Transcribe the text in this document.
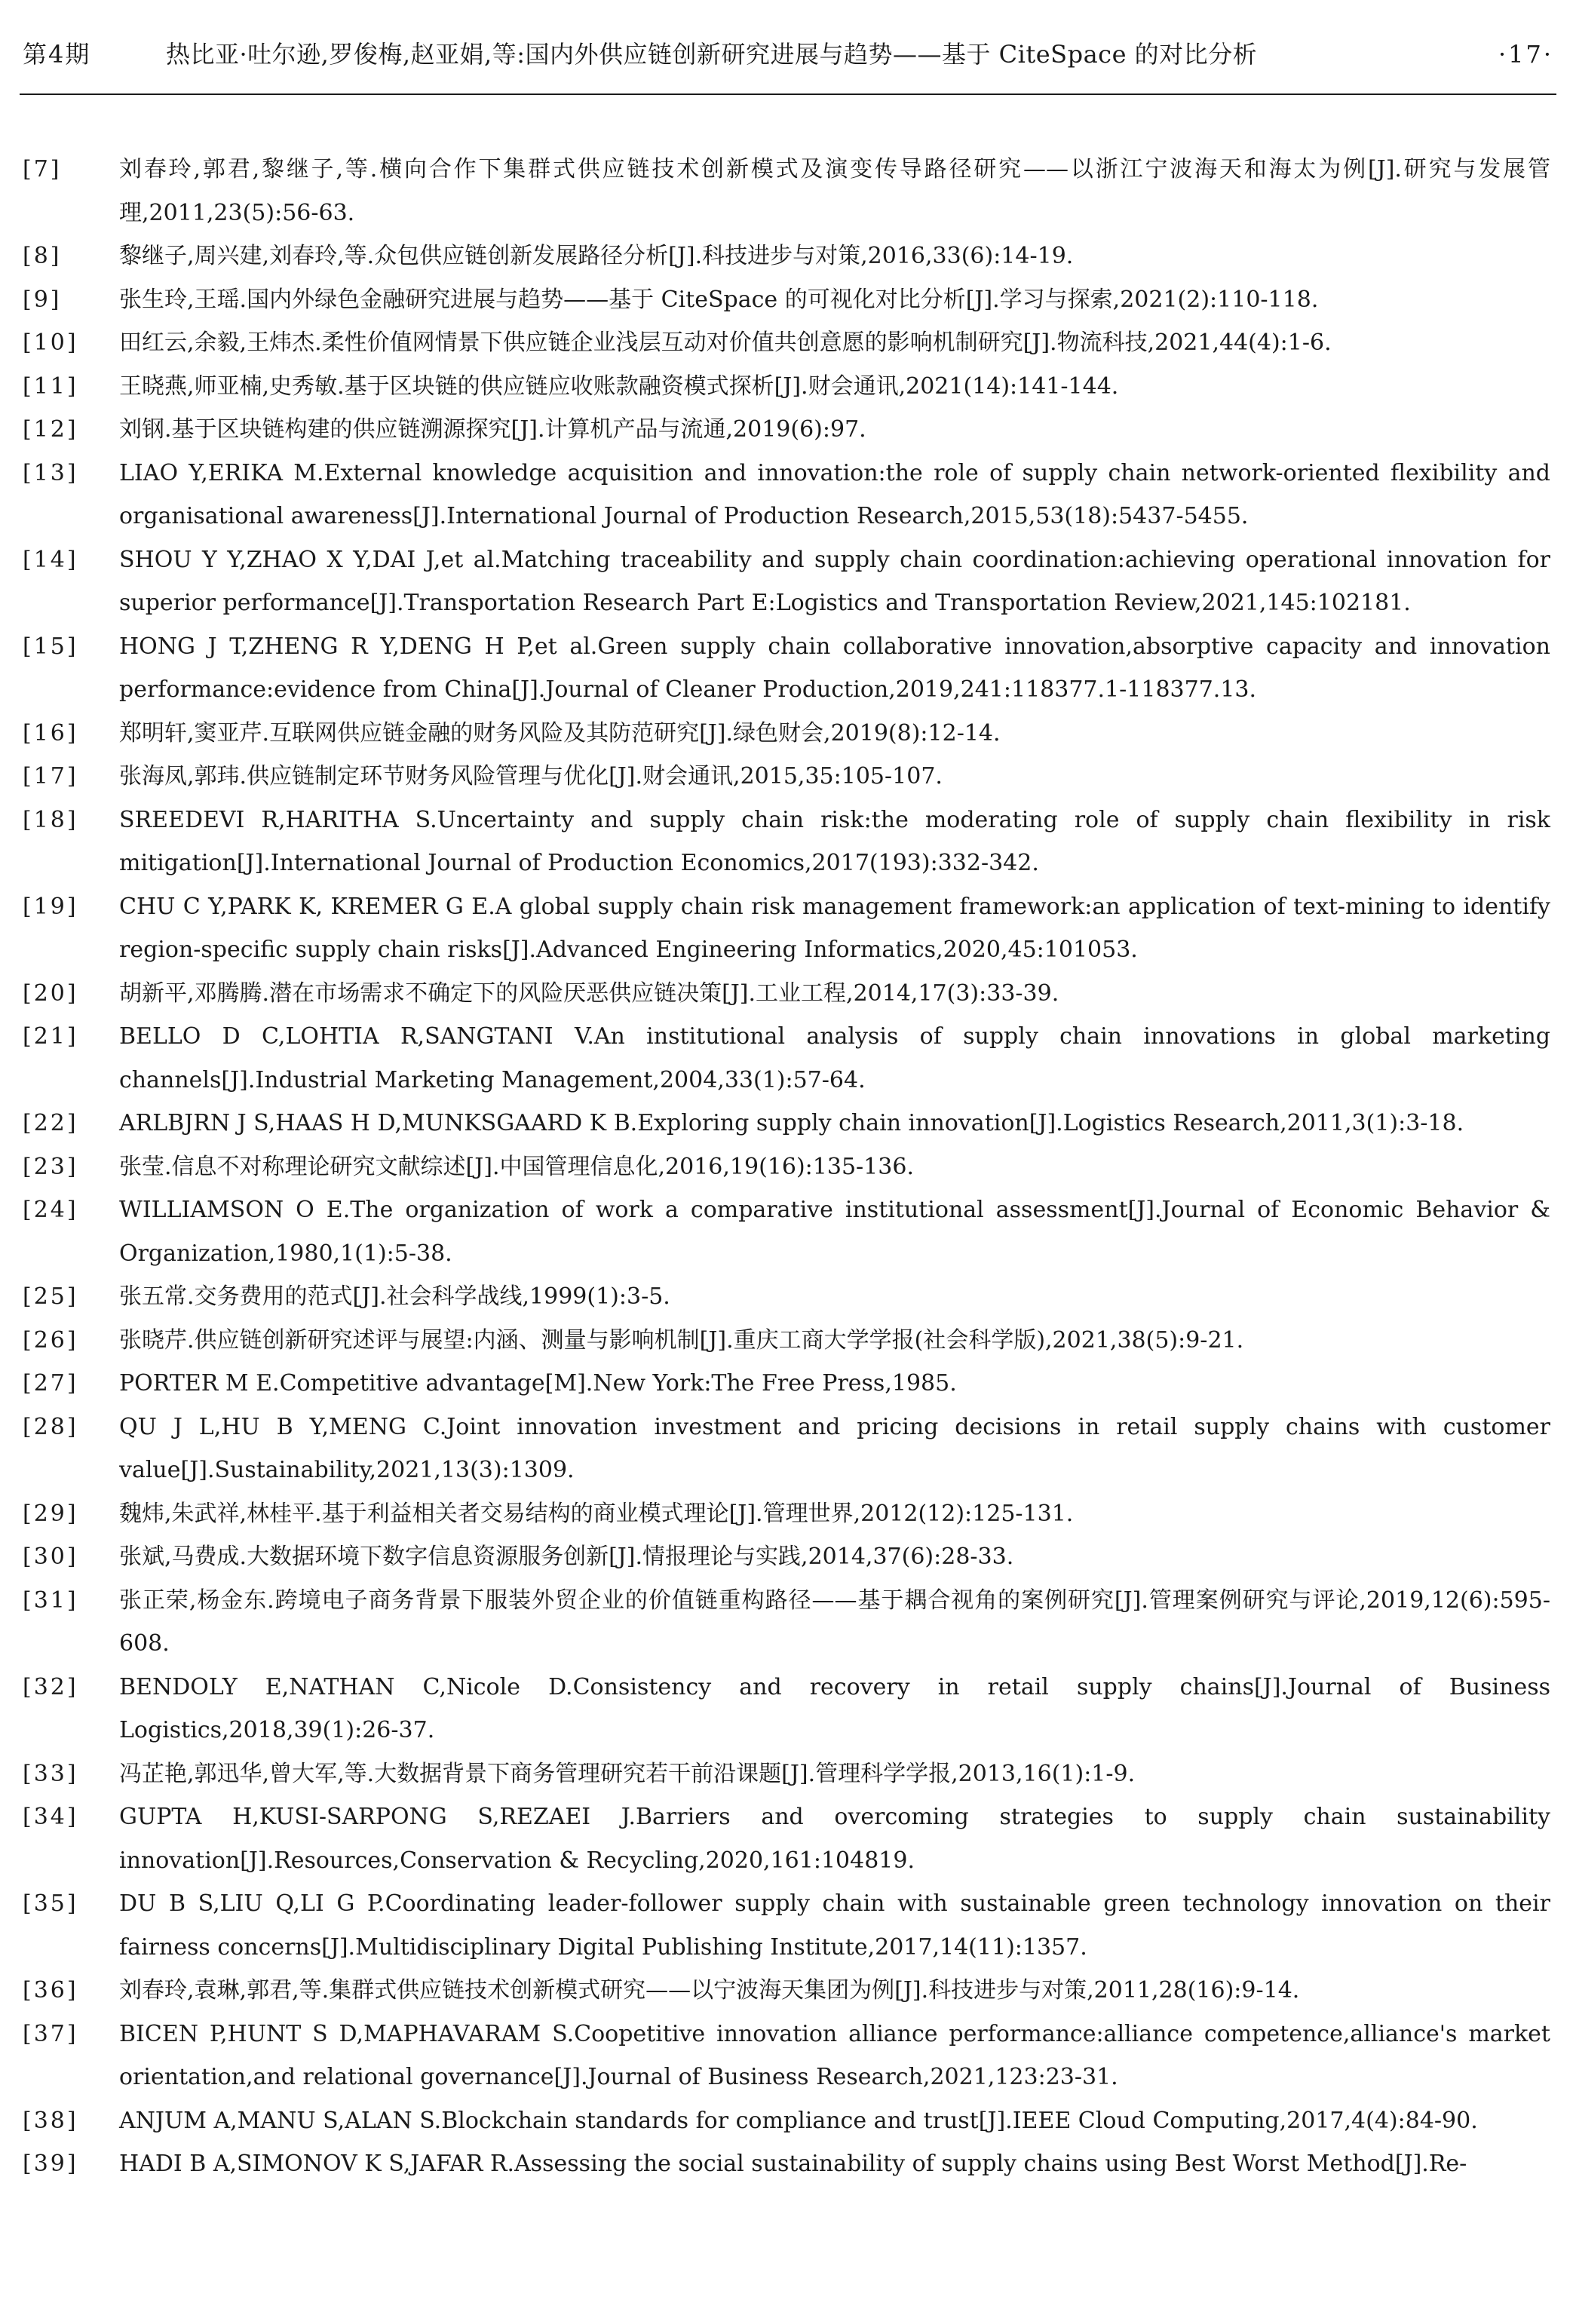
第4期	热比亚·吐尔逊,罗俊梅,赵亚娟,等:国内外供应链创新研究进展与趋势——基于 CiteSpace 的对比分析	·17·
[7]	刘春玲,郭君,黎继子,等.横向合作下集群式供应链技术创新模式及演变传导路径研究——以浙江宁波海天和海太为例[J].研究与发展管理,2011,23(5):56-63.
[8]	黎继子,周兴建,刘春玲,等.众包供应链创新发展路径分析[J].科技进步与对策,2016,33(6):14-19.
[9]	张生玲,王瑶.国内外绿色金融研究进展与趋势——基于 CiteSpace 的可视化对比分析[J].学习与探索,2021(2):110-118.
[10]	田红云,余毅,王炜杰.柔性价值网情景下供应链企业浅层互动对价值共创意愿的影响机制研究[J].物流科技,2021,44(4):1-6.
[11]	王晓燕,师亚楠,史秀敏.基于区块链的供应链应收账款融资模式探析[J].财会通讯,2021(14):141-144.
[12]	刘钢.基于区块链构建的供应链溯源探究[J].计算机产品与流通,2019(6):97.
[13]	LIAO Y,ERIKA M.External knowledge acquisition and innovation:the role of supply chain network-oriented flexibility and organisational awareness[J].International Journal of Production Research,2015,53(18):5437-5455.
[14]	SHOU Y Y,ZHAO X Y,DAI J,et al.Matching traceability and supply chain coordination:achieving operational innovation for superior performance[J].Transportation Research Part E:Logistics and Transportation Review,2021,145:102181.
[15]	HONG J T,ZHENG R Y,DENG H P,et al.Green supply chain collaborative innovation,absorptive capacity and innovation performance:evidence from China[J].Journal of Cleaner Production,2019,241:118377.1-118377.13.
[16]	郑明轩,窦亚芹.互联网供应链金融的财务风险及其防范研究[J].绿色财会,2019(8):12-14.
[17]	张海凤,郭玮.供应链制定环节财务风险管理与优化[J].财会通讯,2015,35:105-107.
[18]	SREEDEVI R,HARITHA S.Uncertainty and supply chain risk:the moderating role of supply chain flexibility in risk mitigation[J].International Journal of Production Economics,2017(193):332-342.
[19]	CHU C Y,PARK K, KREMER G E.A global supply chain risk management framework:an application of text-mining to identify region-specific supply chain risks[J].Advanced Engineering Informatics,2020,45:101053.
[20]	胡新平,邓腾腾.潜在市场需求不确定下的风险厌恶供应链决策[J].工业工程,2014,17(3):33-39.
[21]	BELLO D C,LOHTIA R,SANGTANI V.An institutional analysis of supply chain innovations in global marketing channels[J].Industrial Marketing Management,2004,33(1):57-64.
[22]	ARLBJRN J S,HAAS H D,MUNKSGAARD K B.Exploring supply chain innovation[J].Logistics Research,2011,3(1):3-18.
[23]	张莹.信息不对称理论研究文献综述[J].中国管理信息化,2016,19(16):135-136.
[24]	WILLIAMSON O E.The organization of work a comparative institutional assessment[J].Journal of Economic Behavior & Organization,1980,1(1):5-38.
[25]	张五常.交务费用的范式[J].社会科学战线,1999(1):3-5.
[26]	张晓芹.供应链创新研究述评与展望:内涵、测量与影响机制[J].重庆工商大学学报(社会科学版),2021,38(5):9-21.
[27]	PORTER M E.Competitive advantage[M].New York:The Free Press,1985.
[28]	QU J L,HU B Y,MENG C.Joint innovation investment and pricing decisions in retail supply chains with customer value[J].Sustainability,2021,13(3):1309.
[29]	魏炜,朱武祥,林桂平.基于利益相关者交易结构的商业模式理论[J].管理世界,2012(12):125-131.
[30]	张斌,马费成.大数据环境下数字信息资源服务创新[J].情报理论与实践,2014,37(6):28-33.
[31]	张正荣,杨金东.跨境电子商务背景下服装外贸企业的价值链重构路径——基于耦合视角的案例研究[J].管理案例研究与评论,2019,12(6):595-608.
[32]	BENDOLY E,NATHAN C,Nicole D.Consistency and recovery in retail supply chains[J].Journal of Business Logistics,2018,39(1):26-37.
[33]	冯芷艳,郭迅华,曾大军,等.大数据背景下商务管理研究若干前沿课题[J].管理科学学报,2013,16(1):1-9.
[34]	GUPTA H,KUSI-SARPONG S,REZAEI J.Barriers and overcoming strategies to supply chain sustainability innovation[J].Resources,Conservation & Recycling,2020,161:104819.
[35]	DU B S,LIU Q,LI G P.Coordinating leader-follower supply chain with sustainable green technology innovation on their fairness concerns[J].Multidisciplinary Digital Publishing Institute,2017,14(11):1357.
[36]	刘春玲,袁琳,郭君,等.集群式供应链技术创新模式研究——以宁波海天集团为例[J].科技进步与对策,2011,28(16):9-14.
[37]	BICEN P,HUNT S D,MAPHAVARAM S.Coopetitive innovation alliance performance:alliance competence,alliance's market orientation,and relational governance[J].Journal of Business Research,2021,123:23-31.
[38]	ANJUM A,MANU S,ALAN S.Blockchain standards for compliance and trust[J].IEEE Cloud Computing,2017,4(4):84-90.
[39]	HADI B A,SIMONOV K S,JAFAR R.Assessing the social sustainability of supply chains using Best Worst Method[J].Re-
